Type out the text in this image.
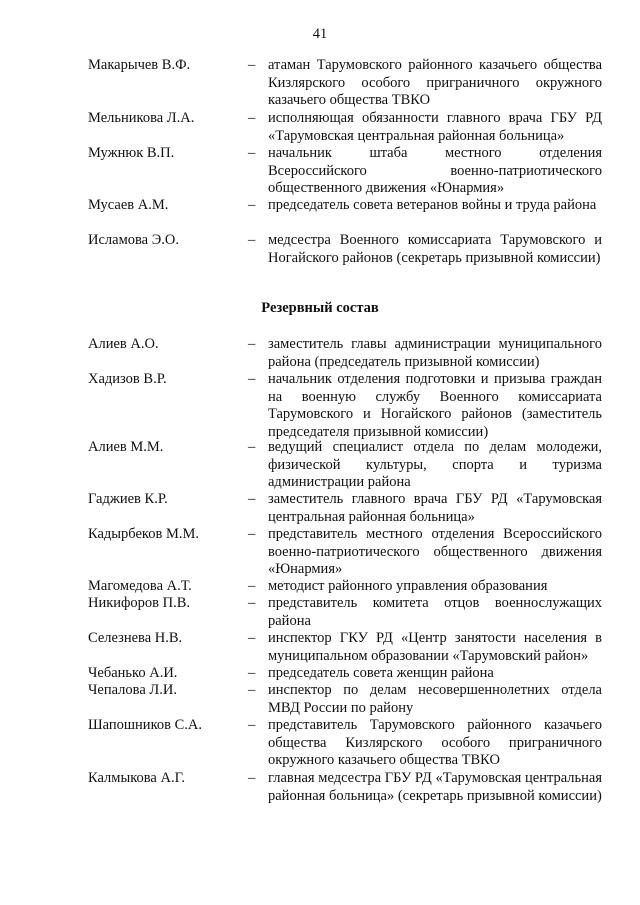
41
Макарычев В.Ф.	– атаман Тарумовского районного казачьего общества Кизлярского особого приграничного окружного казачьего общества ТВКО
Мельникова Л.А.	– исполняющая обязанности главного врача ГБУ РД «Тарумовская центральная районная больница»
Мужнюк В.П.	– начальник штаба местного отделения Всероссийского военно-патриотического общественного движения «Юнармия»
Мусаев А.М.	– председатель совета ветеранов войны и труда района
Исламова Э.О.	– медсестра Военного комиссариата Тарумовского и Ногайского районов (секретарь призывной комиссии)
Резервный состав
Алиев А.О.	– заместитель главы администрации муниципального района (председатель призывной комиссии)
Хадизов В.Р.	– начальник отделения подготовки и призыва граждан на военную службу Военного комиссариата Тарумовского и Ногайского районов (заместитель председателя призывной комиссии)
Алиев М.М.	– ведущий специалист отдела по делам молодежи, физической культуры, спорта и туризма администрации района
Гаджиев К.Р.	– заместитель главного врача ГБУ РД «Тарумовская центральная районная больница»
Кадырбеков М.М.	– представитель местного отделения Всероссийского военно-патриотического общественного движения «Юнармия»
Магомедова А.Т.	– методист районного управления образования
Никифоров П.В.	– представитель комитета отцов военнослужащих района
Селезнева Н.В.	– инспектор ГКУ РД «Центр занятости населения в муниципальном образовании «Тарумовский район»
Чебанько А.И.	– председатель совета женщин района
Чепалова Л.И.	– инспектор по делам несовершеннолетних отдела МВД России по району
Шапошников С.А.	– представитель Тарумовского районного казачьего общества Кизлярского особого приграничного окружного казачьего общества ТВКО
Калмыкова А.Г.	– главная медсестра ГБУ РД «Тарумовская центральная районная больница» (секретарь призывной комиссии)
